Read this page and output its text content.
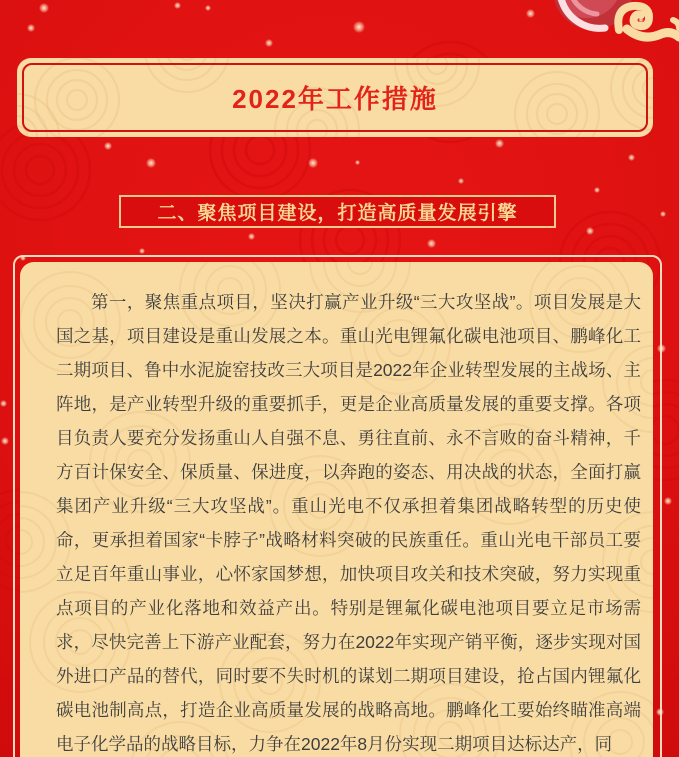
2022年工作措施
二、聚焦项目建设，打造高质量发展引擎

第一，聚焦重点项目，坚决打赢产业升级“三大攻坚战”。项目发展是大国之基，项目建设是重山发展之本。重山光电锂氟化碳电池项目、鹏峰化工二期项目、鲁中水泥旋窑技改三大项目是2022年企业转型发展的主战场、主阵地，是产业转型升级的重要抓手，更是企业高质量发展的重要支撑。各项目负责人要充分发扬重山人自强不息、勇往直前、永不言败的奋斗精神，千方百计保安全、保质量、保进度，以奔跑的姿态、用决战的状态，全面打赢集团产业升级“三大攻坚战”。重山光电不仅承担着集团战略转型的历史使命，更承担着国家“卡脖子”战略材料突破的民族重任。重山光电干部员工要立足百年重山事业，心怀家国梦想，加快项目攻关和技术突破，努力实现重点项目的产业化落地和效益产出。特别是锂氟化碳电池项目要立足市场需求，尽快完善上下游产业配套，努力在2022年实现产销平衡，逐步实现对国外进口产品的替代，同时要不失时机的谋划二期项目建设，抢占国内锂氟化碳电池制高点，打造企业高质量发展的战略高地。鹏峰化工要始终瞄准高端电子化学品的战略目标，力争在2022年8月份实现二期项目达标达产，同
